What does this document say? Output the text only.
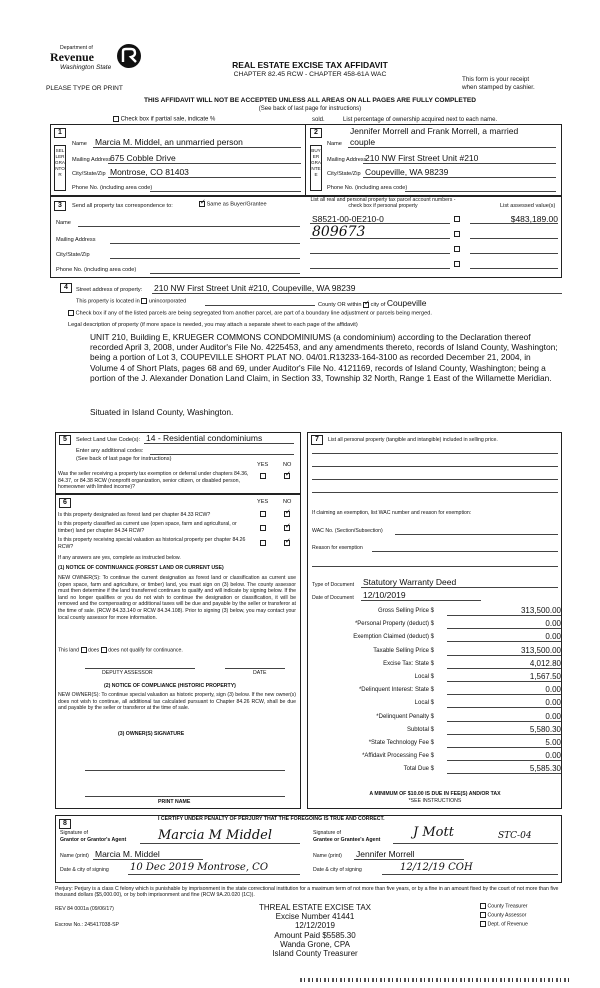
Department of
Revenue
Washington State
PLEASE TYPE OR PRINT
REAL ESTATE EXCISE TAX AFFIDAVIT
CHAPTER 82.45 RCW - CHAPTER 458-61A WAC
This form is your receipt
when stamped by cashier.
THIS AFFIDAVIT WILL NOT BE ACCEPTED UNLESS ALL AREAS ON ALL PAGES ARE FULLY COMPLETED
(See back of last page for instructions)
Check box if partial sale, indicate %	sold.	List percentage of ownership acquired next to each name.
1
SELLER GRANTOR
Name Marcia M. Middel, an unmarried person
Mailing Address
675 Cobble Drive
City/State/Zip Montrose, CO 81403
Phone No. (including area code)
2
BUYER GRANTEE
Jennifer Morrell and Frank Morrell, a married
Name couple
Mailing Address
210 NW First Street Unit #210
City/State/Zip Coupeville, WA 98239
Phone No. (including area code)
3	Send all property tax correspondence to: ✓	Same as Buyer/Grantee
List all real and personal property tax parcel account numbers - check box if personal property	List assessed value(s)
Name
Mailing Address
City/State/Zip
Phone No. (including area code)
S8521-00-0E210-0
809673
$483,189.00
4	Street address of property: 210 NW First Street Unit #210, Coupeville, WA 98239
This property is located in unincorporated
County OR within ✓ city of Coupeville
Check box if any of the listed parcels are being segregated from another parcel, are part of a boundary line adjustment or parcels being merged.
Legal description of property (if more space is needed, you may attach a separate sheet to each page of the affidavit)
UNIT 210, Building E, KRUEGER COMMONS CONDOMINIUMS (a condominium) according to the Declaration thereof recorded April 3, 2008, under Auditor's File No. 4225453, and any amendments thereto, records of Island County, Washington; being a portion of Lot 3, COUPEVILLE SHORT PLAT NO. 04/01.R13233-164-3100 as recorded December 21, 2004, in Volume 4 of Short Plats, pages 68 and 69, under Auditor's File No. 4121169, records of Island County, Washington; being a portion of the J. Alexander Donation Land Claim, in Section 33, Township 32 North, Range 1 East of the Willamette Meridian.
Situated in Island County, Washington.
5	Select Land Use Code(s): 14 - Residential condominiums
Enter any additional codes:
(See back of last page for instructions)
YES	NO
Was the seller receiving a property tax exemption or deferral under chapters 84.36, 84.37, or 84.38 RCW (nonprofit organization, senior citizen, or disabled person, homeowner with limited income)?
✓
6	YES	NO
Is this property designated as forest land per chapter 84.33 RCW?
✓
Is this property classified as current use (open space, farm and agricultural, or timber) land per chapter 84.34 RCW?
✓
Is this property receiving special valuation as historical property per chapter 84.26 RCW?
✓
If any answers are yes, complete as instructed below.
(1) NOTICE OF CONTINUANCE (FOREST LAND OR CURRENT USE)
NEW OWNER(S): To continue the current designation as forest land or classification as current use (open space, farm and agriculture, or timber) land, you must sign on (3) below. The county assessor must then determine if the land transferred continues to qualify and will indicate by signing below. If the land no longer qualifies or you do not wish to continue the designation or classification, it will be removed and the compensating or additional taxes will be due and payable by the seller or transferor at the time of sale. (RCW 84.33.140 or RCW 84.34.108). Prior to signing (3) below, you may contact your local county assessor for more information.
This land does does not qualify for continuance.
DEPUTY ASSESSOR	DATE
(2) NOTICE OF COMPLIANCE (HISTORIC PROPERTY)
NEW OWNER(S): To continue special valuation as historic property, sign (3) below. If the new owner(s) does not wish to continue, all additional tax calculated pursuant to Chapter 84.26 RCW, shall be due and payable by the seller or transferor at the time of sale.
(3) OWNER(S) SIGNATURE
PRINT NAME
7	List all personal property (tangible and intangible) included in selling price.
If claiming an exemption, list WAC number and reason for exemption:
WAC No. (Section/Subsection)
Reason for exemption
Type of Document Statutory Warranty Deed
Date of Document 12/10/2019
Gross Selling Price $	313,500.00
*Personal Property (deduct) $	0.00
Exemption Claimed (deduct) $	0.00
Taxable Selling Price $	313,500.00
Excise Tax: State $	4,012.80
Local $	1,567.50
*Delinquent Interest: State $	0.00
Local $	0.00
*Delinquent Penalty $	0.00
Subtotal $	5,580.30
*State Technology Fee $	5.00
*Affidavit Processing Fee $	0.00
Total Due $	5,585.30
A MINIMUM OF $10.00 IS DUE IN FEE(S) AND/OR TAX
*SEE INSTRUCTIONS
8
I CERTIFY UNDER PENALTY OF PERJURY THAT THE FOREGOING IS TRUE AND CORRECT.
Signature of
Grantor or Grantor's Agent Marcia M Middel
Name (print) Marcia M. Middel
Date & city of signing 10 Dec 2019 Montrose, CO
Signature of
Grantee or Grantee's Agent	J Mott	STC-04
Name (print) Jennifer Morrell
Date & city of signing	12/12/19 COH
Perjury: Perjury is a class C felony which is punishable by imprisonment in the state correctional institution for a maximum term of not more than five years, or by a fine in an amount fixed by the court of not more than five thousand dollars ($5,000.00), or by both imprisonment and fine (RCW 9A.20.020 (1C)).
REV 84 0001a (09/06/17)
Escrow No.: 245417038-SP
THREAL ESTATE EXCISE TAX
Excise Number 41441
12/12/2019
Amount Paid $5585.30
Wanda Grone, CPA
Island County Treasurer
County Treasurer
County Assessor
Dept. of Revenue
